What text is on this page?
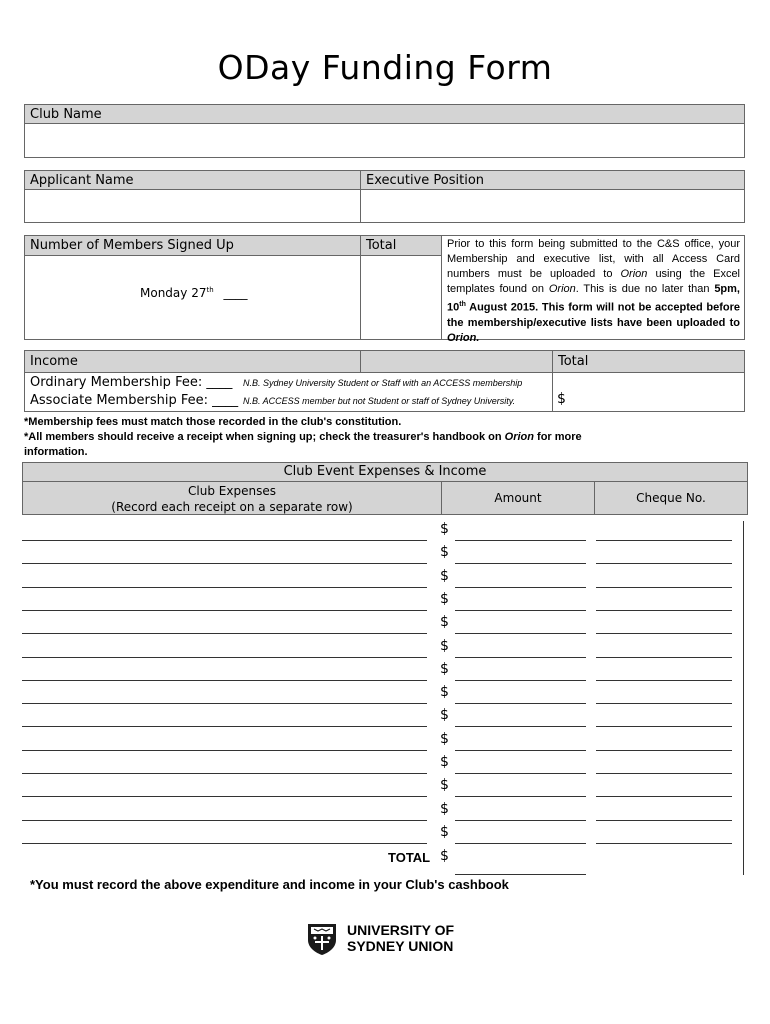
ODay Funding Form
Club Name
Applicant Name	Executive Position
Number of Members Signed Up	Total
Monday 27th ____
Prior to this form being submitted to the C&S office, your Membership and executive list, with all Access Card numbers must be uploaded to Orion using the Excel templates found on Orion. This is due no later than 5pm, 10th August 2015. This form will not be accepted before the membership/executive lists have been uploaded to Orion.
Income	Total
Ordinary Membership Fee: ____ N.B. Sydney University Student or Staff with an ACCESS membership
Associate Membership Fee: ____ N.B. ACCESS member but not Student or staff of Sydney University.	$
*Membership fees must match those recorded in the club's constitution.
*All members should receive a receipt when signing up; check the treasurer's handbook on Orion for more
information.
Club Event Expenses & Income
Club Expenses
(Record each receipt on a separate row)
Amount	Cheque No.
$
$
$
$
$
$
$
$
$
$
$
$
$
$
TOTAL $
*You must record the above expenditure and income in your Club's cashbook
UNIVERSITY OF
SYDNEY UNION
